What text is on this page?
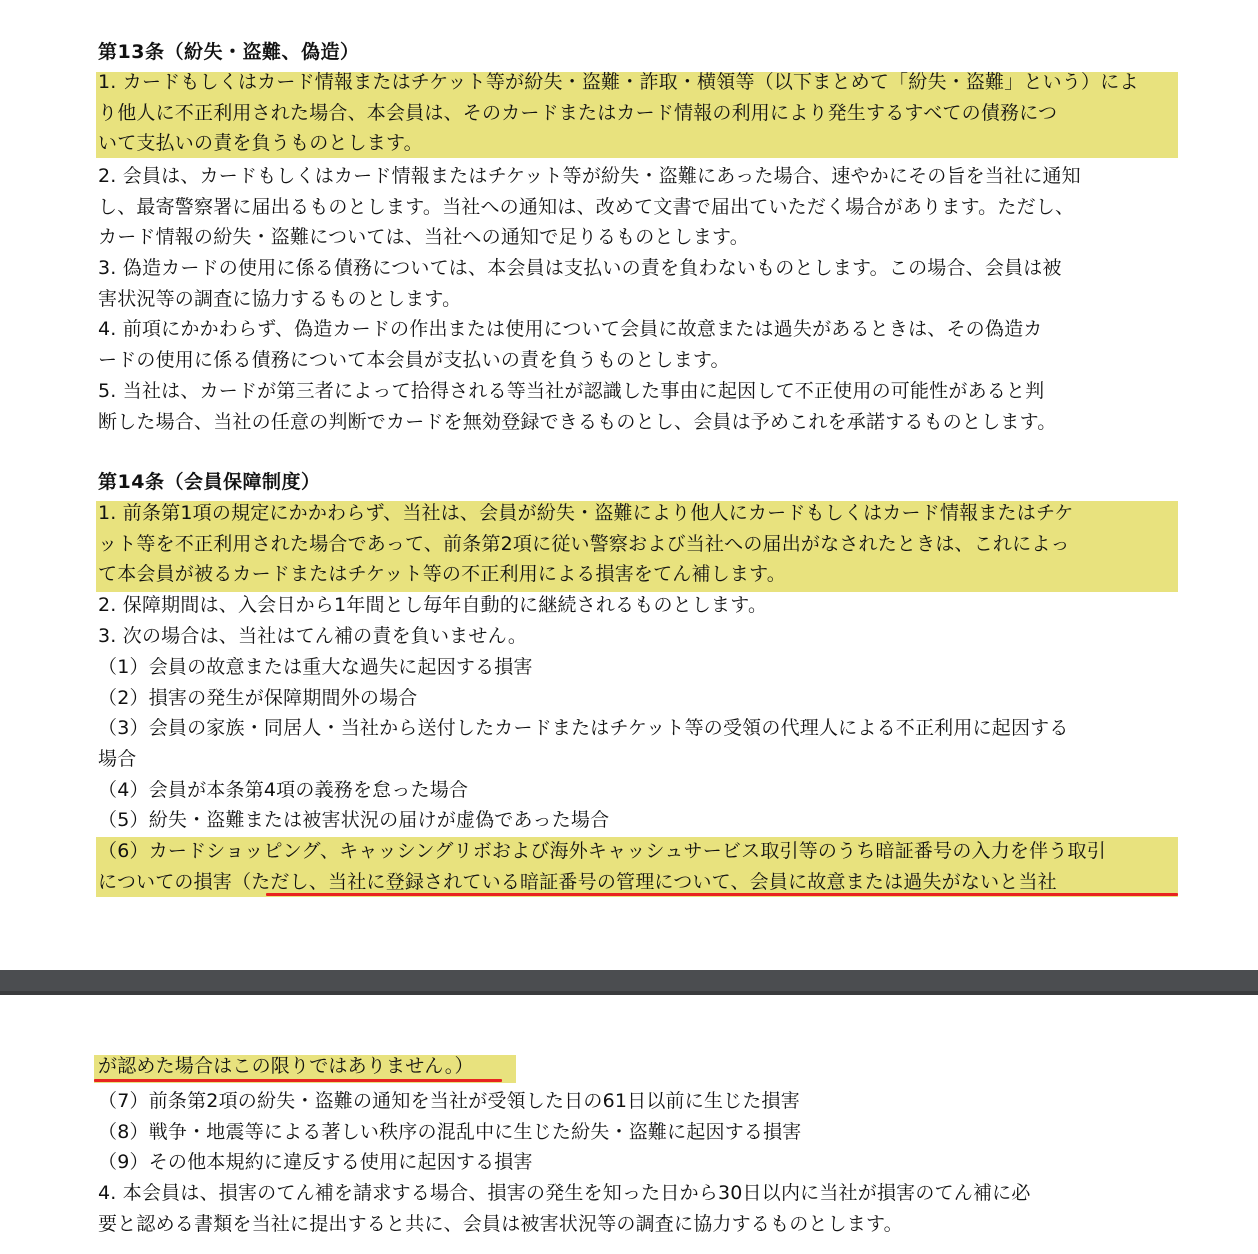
第13条（紛失・盗難、偽造）
1. カードもしくはカード情報またはチケット等が紛失・盗難・詐取・横領等（以下まとめて「紛失・盗難」という）によ
り他人に不正利用された場合、本会員は、そのカードまたはカード情報の利用により発生するすべての債務につ
いて支払いの責を負うものとします。
2. 会員は、カードもしくはカード情報またはチケット等が紛失・盗難にあった場合、速やかにその旨を当社に通知
し、最寄警察署に届出るものとします。当社への通知は、改めて文書で届出ていただく場合があります。ただし、
カード情報の紛失・盗難については、当社への通知で足りるものとします。
3. 偽造カードの使用に係る債務については、本会員は支払いの責を負わないものとします。この場合、会員は被
害状況等の調査に協力するものとします。
4. 前項にかかわらず、偽造カードの作出または使用について会員に故意または過失があるときは、その偽造カ
ードの使用に係る債務について本会員が支払いの責を負うものとします。
5. 当社は、カードが第三者によって拾得される等当社が認識した事由に起因して不正使用の可能性があると判
断した場合、当社の任意の判断でカードを無効登録できるものとし、会員は予めこれを承諾するものとします。
第14条（会員保障制度）
1. 前条第1項の規定にかかわらず、当社は、会員が紛失・盗難により他人にカードもしくはカード情報またはチケ
ット等を不正利用された場合であって、前条第2項に従い警察および当社への届出がなされたときは、これによっ
て本会員が被るカードまたはチケット等の不正利用による損害をてん補します。
2. 保障期間は、入会日から1年間とし毎年自動的に継続されるものとします。
3. 次の場合は、当社はてん補の責を負いません。
（1）会員の故意または重大な過失に起因する損害
（2）損害の発生が保障期間外の場合
（3）会員の家族・同居人・当社から送付したカードまたはチケット等の受領の代理人による不正利用に起因する
場合
（4）会員が本条第4項の義務を怠った場合
（5）紛失・盗難または被害状況の届けが虚偽であった場合
（6）カードショッピング、キャッシングリボおよび海外キャッシュサービス取引等のうち暗証番号の入力を伴う取引
についての損害（ただし、当社に登録されている暗証番号の管理について、会員に故意または過失がないと当社
が認めた場合はこの限りではありません。）
（7）前条第2項の紛失・盗難の通知を当社が受領した日の61日以前に生じた損害
（8）戦争・地震等による著しい秩序の混乱中に生じた紛失・盗難に起因する損害
（9）その他本規約に違反する使用に起因する損害
4. 本会員は、損害のてん補を請求する場合、損害の発生を知った日から30日以内に当社が損害のてん補に必
要と認める書類を当社に提出すると共に、会員は被害状況等の調査に協力するものとします。
